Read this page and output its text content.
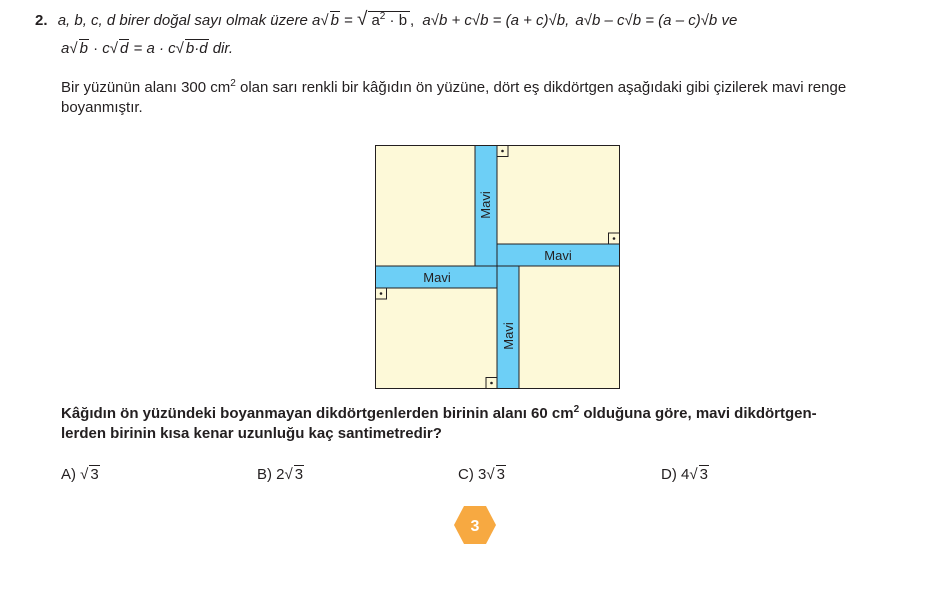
2. a, b, c, d birer doğal sayı olmak üzere a√ b = √ $a^2 \cdot b$ , a√b + c√b = (a + c)√b, a√b – c√b = (a – c)√b ve
a√ b · c√ d = a · c√ b·d dir.
Bir yüzünün alanı 300 $cm^2$ olan sarı renkli bir kâğıdın ön yüzüne, dört eş dikdörtgen aşağıdaki gibi çizilerek mavi renge
boyanmıştır.
Mavi
Mavi
Mavi
Mavi
Kâğıdın ön yüzündeki boyanmayan dikdörtgenlerden birinin alanı 60 $cm^2$ olduğuna göre, mavi dikdörtgen-
lerden birinin kısa kenar uzunluğu kaç santimetredir?
A) √ 3	B) 2√ 3	C) 3√ 3	D) 4√ 3
3
